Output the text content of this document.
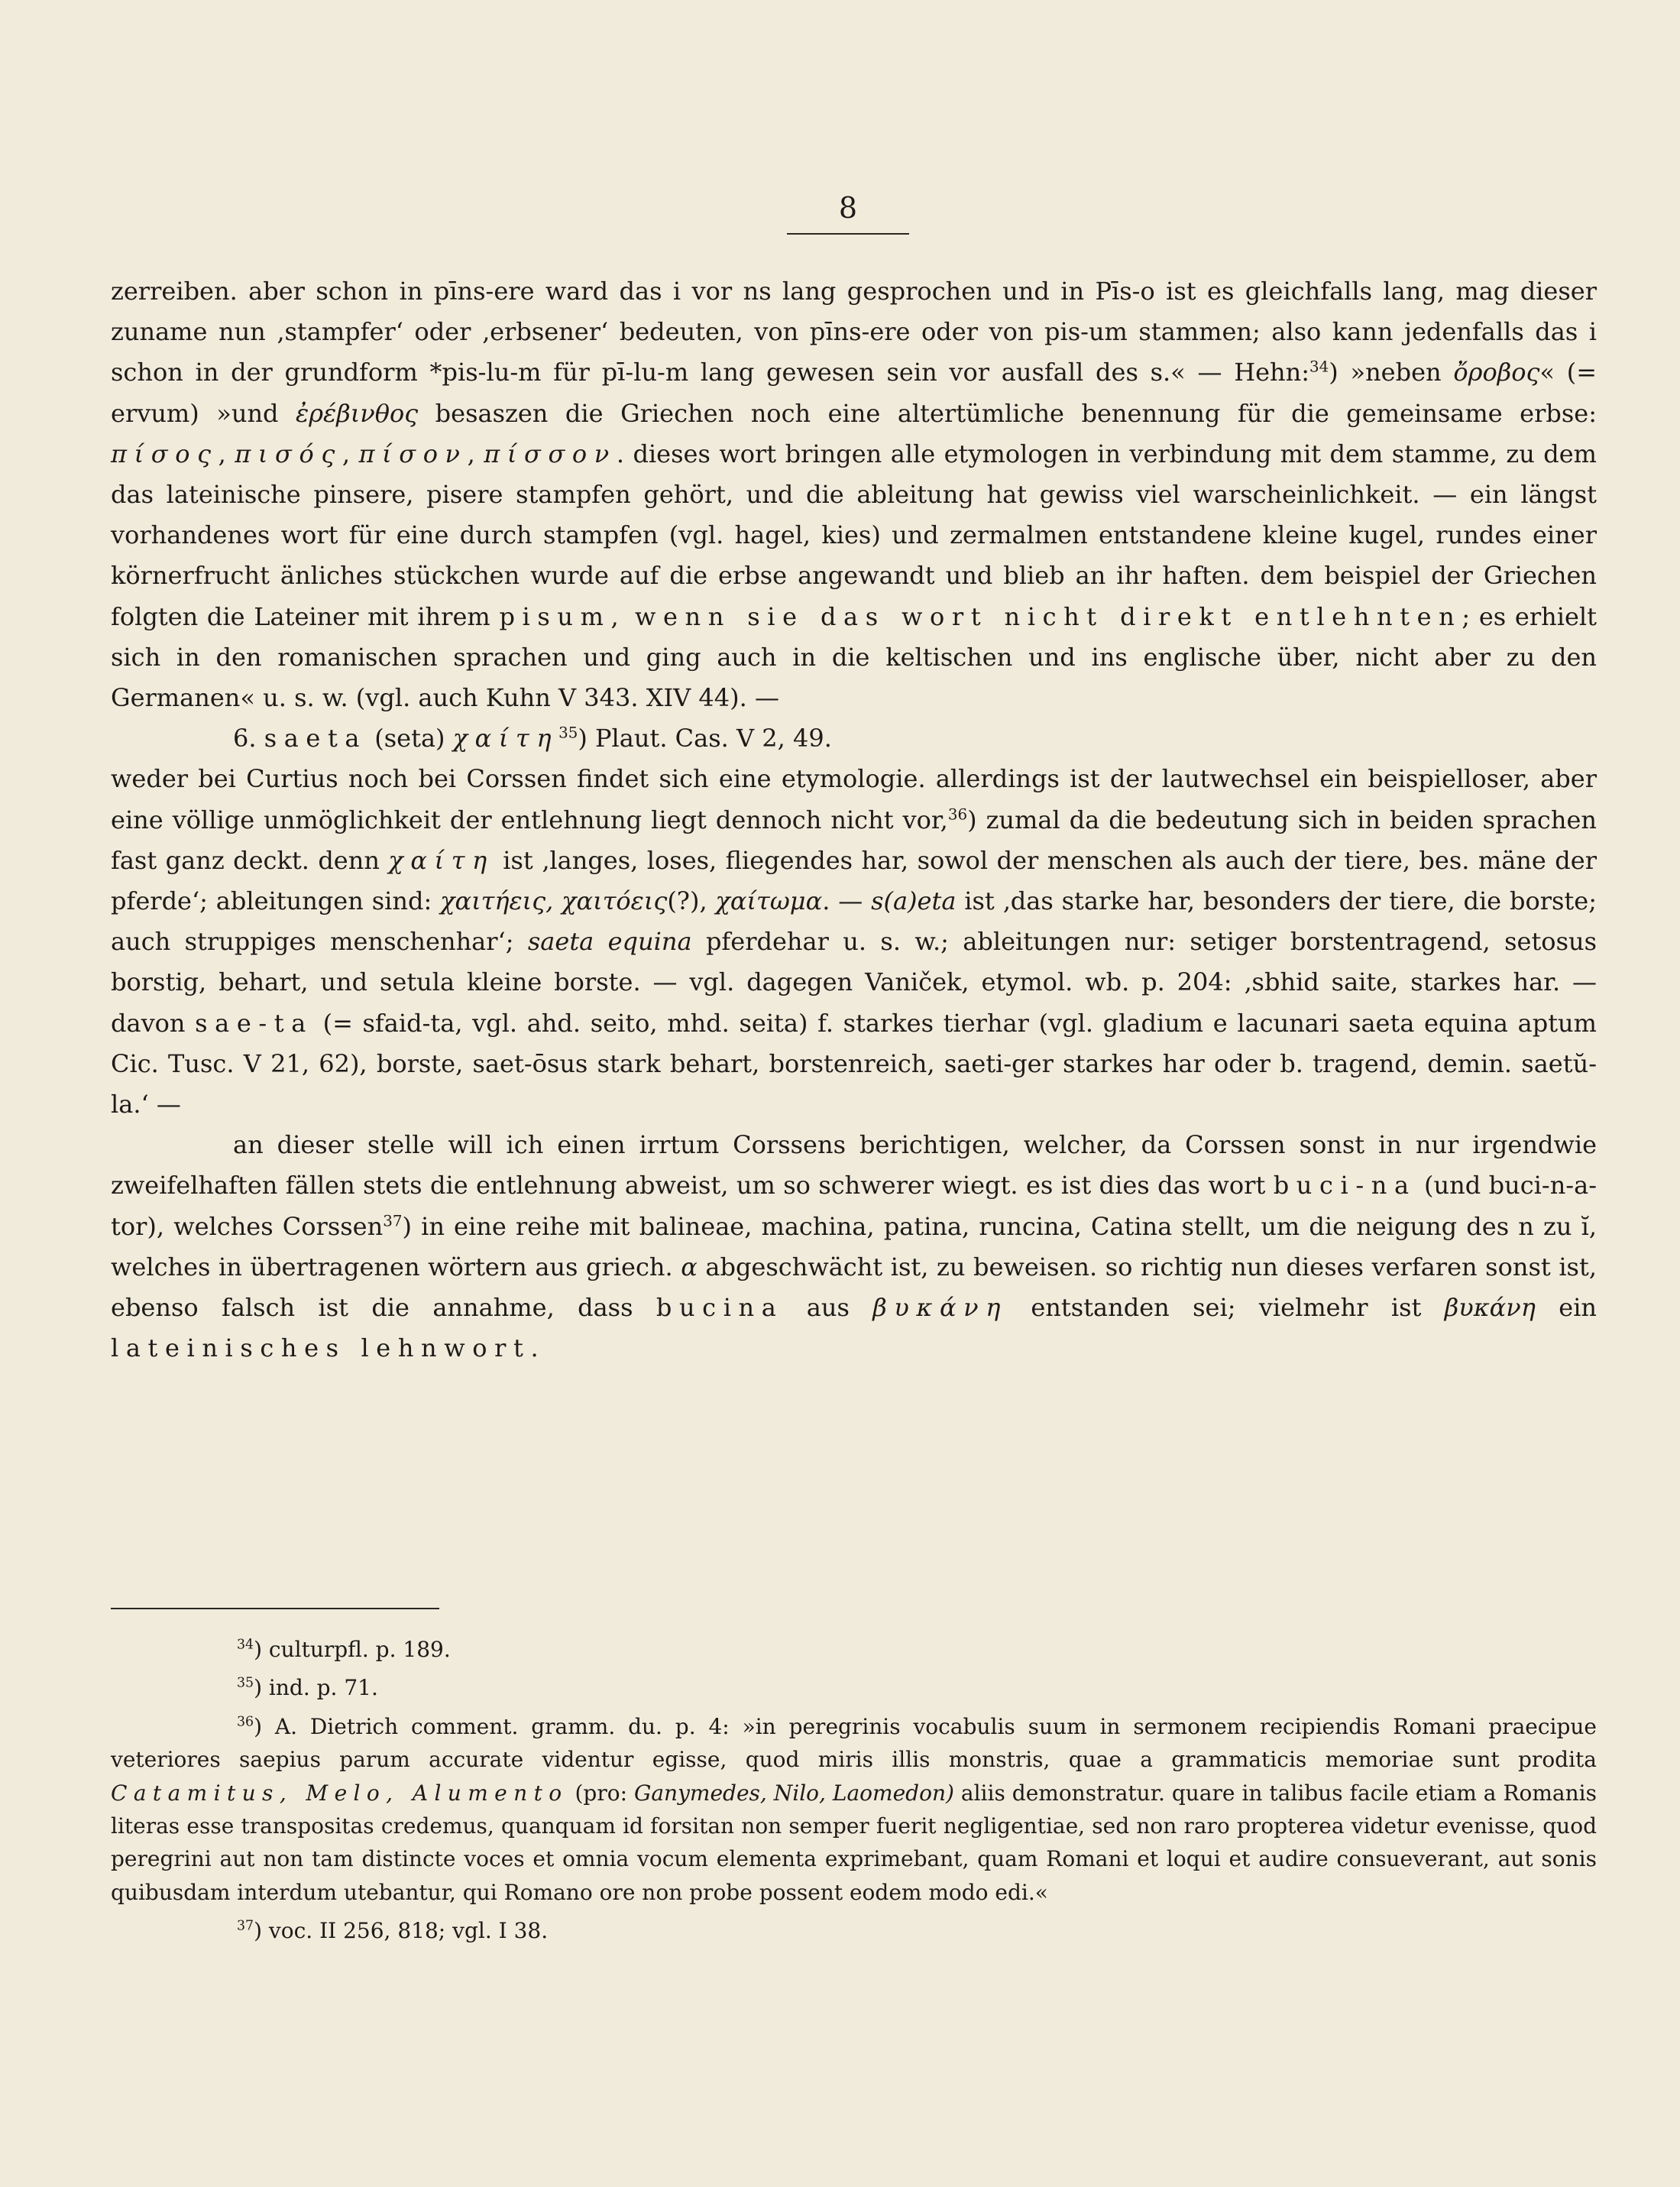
8

zerreiben. aber schon in pīns-ere ward das i vor ns lang gesprochen und in Pīs-o ist es gleichfalls lang, mag dieser zuname nun ‚stampfer‘ oder ‚erbsener‘ bedeuten, von pīns-ere oder von pis-um stammen; also kann jedenfalls das i schon in der grundform *pis-lu-m für pī-lu-m lang gewesen sein vor ausfall des s.« — Hehn:$^{34}$) »neben ὄροβος« (= ervum) »und ἐρέβινθος besaszen die Griechen noch eine altertümliche benennung für die gemeinsame erbse: πίσος, πισός, πίσον, πίσσον. dieses wort bringen alle etymologen in verbindung mit dem stamme, zu dem das lateinische pinsere, pisere stampfen gehört, und die ableitung hat gewiss viel warscheinlichkeit. — ein längst vorhandenes wort für eine durch stampfen (vgl. hagel, kies) und zermalmen entstandene kleine kugel, rundes einer körnerfrucht änliches stückchen wurde auf die erbse angewandt und blieb an ihr haften. dem beispiel der Griechen folgten die Lateiner mit ihrem pisum, wenn sie das wort nicht direkt entlehnten; es erhielt sich in den romanischen sprachen und ging auch in die keltischen und ins englische über, nicht aber zu den Germanen« u. s. w. (vgl. auch Kuhn V 343. XIV 44). —

6. saeta (seta) χαίτη$^{35}$) Plaut. Cas. V 2, 49.

weder bei Curtius noch bei Corssen findet sich eine etymologie. allerdings ist der lautwechsel ein beispielloser, aber eine völlige unmöglichkeit der entlehnung liegt dennoch nicht vor,$^{36}$) zumal da die bedeutung sich in beiden sprachen fast ganz deckt. denn χαίτη ist ‚langes, loses, fliegendes har, sowol der menschen als auch der tiere, bes. mäne der pferde‘; ableitungen sind: χαιτήεις, χαιτόεις(?), χαίτωμα. — s(a)eta ist ‚das starke har, besonders der tiere, die borste; auch struppiges menschenhar‘; saeta equina pferdehar u. s. w.; ableitungen nur: setiger borstentragend, setosus borstig, behart, und setula kleine borste. — vgl. dagegen Vaniček, etymol. wb. p. 204: ‚sbhid saite, starkes har. — davon sae-ta (= sfaid-ta, vgl. ahd. seito, mhd. seita) f. starkes tierhar (vgl. gladium e lacunari saeta equina aptum Cic. Tusc. V 21, 62), borste, saet-ōsus stark behart, borstenreich, saeti-ger starkes har oder b. tragend, demin. saetŭ-la.‘ —

an dieser stelle will ich einen irrtum Corssens berichtigen, welcher, da Corssen sonst in nur irgendwie zweifelhaften fällen stets die entlehnung abweist, um so schwerer wiegt. es ist dies das wort buci-na (und buci-n-a-tor), welches Corssen$^{37}$) in eine reihe mit balineae, machina, patina, runcina, Catina stellt, um die neigung des n zu ĭ, welches in übertragenen wörtern aus griech. α abgeschwächt ist, zu beweisen. so richtig nun dieses verfaren sonst ist, ebenso falsch ist die annahme, dass bucina aus βυκάνη entstanden sei; vielmehr ist βυκάνη ein lateinisches lehnwort.

$^{34}$) culturpfl. p. 189.

$^{35}$) ind. p. 71.

$^{36}$) A. Dietrich comment. gramm. du. p. 4: »in peregrinis vocabulis suum in sermonem recipiendis Romani praecipue veteriores saepius parum accurate videntur egisse, quod miris illis monstris, quae a grammaticis memoriae sunt prodita Catamitus, Melo, Alumento (pro: Ganymedes, Nilo, Laomedon) aliis demonstratur. quare in talibus facile etiam a Romanis literas esse transpositas credemus, quanquam id forsitan non semper fuerit negligentiae, sed non raro propterea videtur evenisse, quod peregrini aut non tam distincte voces et omnia vocum elementa exprimebant, quam Romani et loqui et audire consueverant, aut sonis quibusdam interdum utebantur, qui Romano ore non probe possent eodem modo edi.«

$^{37}$) voc. II 256, 818; vgl. I 38.
